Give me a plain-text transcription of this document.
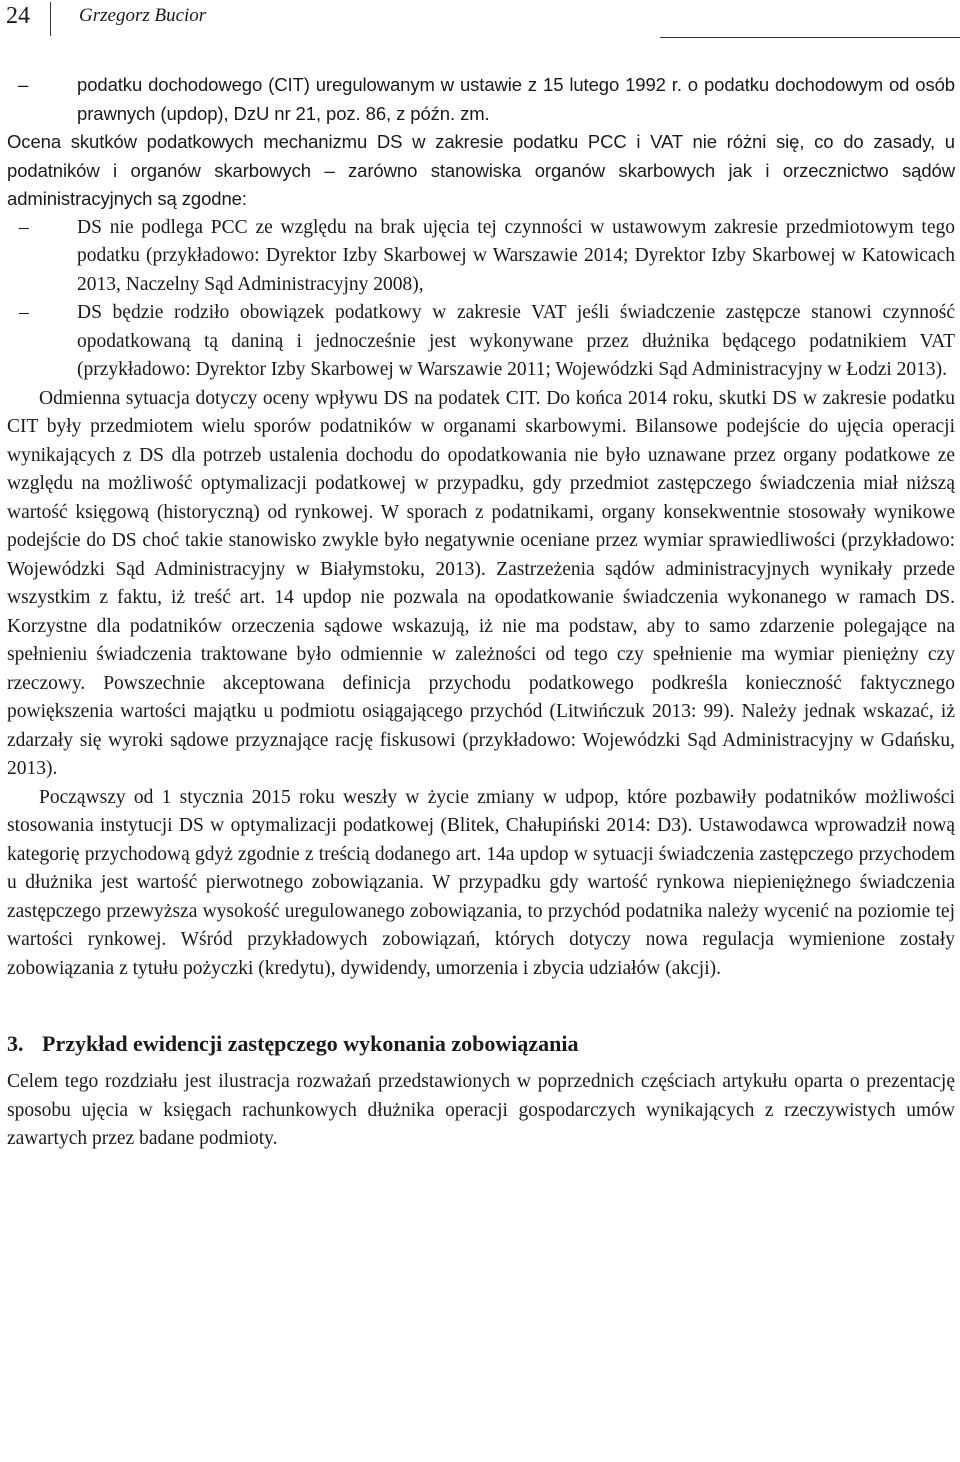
24	Grzegorz Bucior

–	podatku dochodowego (CIT) uregulowanym w ustawie z 15 lutego 1992 r. o podatku dochodowym od osób prawnych (updop), DzU nr 21, poz. 86, z późn. zm.

Ocena skutków podatkowych mechanizmu DS w zakresie podatku PCC i VAT nie różni się, co do zasady, u podatników i organów skarbowych – zarówno stanowiska organów skarbowych jak i orzecznictwo sądów administracyjnych są zgodne:

–	DS nie podlega PCC ze względu na brak ujęcia tej czynności w ustawowym zakresie przedmiotowym tego podatku (przykładowo: Dyrektor Izby Skarbowej w Warszawie 2014; Dyrektor Izby Skarbowej w Katowicach 2013, Naczelny Sąd Administracyjny 2008),

–	DS będzie rodziło obowiązek podatkowy w zakresie VAT jeśli świadczenie zastępcze stanowi czynność opodatkowaną tą daniną i jednocześnie jest wykonywane przez dłużnika będącego podatnikiem VAT (przykładowo: Dyrektor Izby Skarbowej w Warszawie 2011; Wojewódzki Sąd Administracyjny w Łodzi 2013).

Odmienna sytuacja dotyczy oceny wpływu DS na podatek CIT. Do końca 2014 roku, skutki DS w zakresie podatku CIT były przedmiotem wielu sporów podatników w organami skarbowymi. Bilansowe podejście do ujęcia operacji wynikających z DS dla potrzeb ustalenia dochodu do opodatkowania nie było uznawane przez organy podatkowe ze względu na możliwość optymalizacji podatkowej w przypadku, gdy przedmiot zastępczego świadczenia miał niższą wartość księgową (historyczną) od rynkowej. W sporach z podatnikami, organy konsekwentnie stosowały wynikowe podejście do DS choć takie stanowisko zwykle było negatywnie oceniane przez wymiar sprawiedliwości (przykładowo: Wojewódzki Sąd Administracyjny w Białymstoku, 2013). Zastrzeżenia sądów administracyjnych wynikały przede wszystkim z faktu, iż treść art. 14 updop nie pozwala na opodatkowanie świadczenia wykonanego w ramach DS. Korzystne dla podatników orzeczenia sądowe wskazują, iż nie ma podstaw, aby to samo zdarzenie polegające na spełnieniu świadczenia traktowane było odmiennie w zależności od tego czy spełnienie ma wymiar pieniężny czy rzeczowy. Powszechnie akceptowana definicja przychodu podatkowego podkreśla konieczność faktycznego powiększenia wartości majątku u podmiotu osiągającego przychód (Litwińczuk 2013: 99). Należy jednak wskazać, iż zdarzały się wyroki sądowe przyznające rację fiskusowi (przykładowo: Wojewódzki Sąd Administracyjny w Gdańsku, 2013).

Począwszy od 1 stycznia 2015 roku weszły w życie zmiany w udpop, które pozbawiły podatników możliwości stosowania instytucji DS w optymalizacji podatkowej (Blitek, Chałupiński 2014: D3). Ustawodawca wprowadził nową kategorię przychodową gdyż zgodnie z treścią dodanego art. 14a updop w sytuacji świadczenia zastępczego przychodem u dłużnika jest wartość pierwotnego zobowiązania. W przypadku gdy wartość rynkowa niepieniężnego świadczenia zastępczego przewyższa wysokość uregulowanego zobowiązania, to przychód podatnika należy wycenić na poziomie tej wartości rynkowej. Wśród przykładowych zobowiązań, których dotyczy nowa regulacja wymienione zostały zobowiązania z tytułu pożyczki (kredytu), dywidendy, umorzenia i zbycia udziałów (akcji).

3. Przykład ewidencji zastępczego wykonania zobowiązania

Celem tego rozdziału jest ilustracja rozważań przedstawionych w poprzednich częściach artykułu oparta o prezentację sposobu ujęcia w księgach rachunkowych dłużnika operacji gospodarczych wynikających z rzeczywistych umów zawartych przez badane podmioty.
